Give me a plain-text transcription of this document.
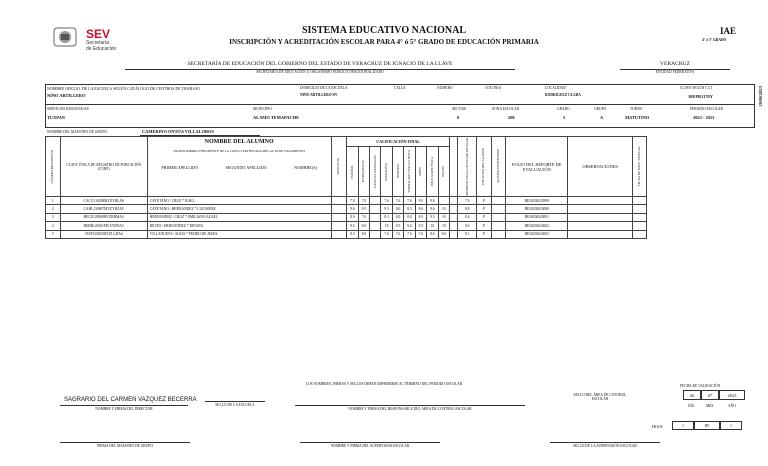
SEV
Secretaría
de Educación
SISTEMA EDUCATIVO NACIONAL
INSCRIPCIÓN Y ACREDITACIÓN ESCOLAR PARA 4° ó 5° GRADO DE EDUCACIÓN PRIMARIA
IAE
4° ó 5° GRADO
SECRETARÍA DE EDUCACIÓN DEL GOBIERNO DEL ESTADO DE VERACRUZ DE IGNACIO DE LA LLAVE
SECRETARÍA DE EDUCACIÓN U ORGANISMO PÚBLICO DESCENTRALIZADO
VERACRUZ
ENTIDAD FEDERATIVA
NOMBRE OFICIAL DE LA ESCUELA SEGÚN CATÁLOGO DE CENTROS DE TRABAJO
NIÑO ARTILLERO
DOMICILIO DE LA ESCUELA
NIÑO ARTILLERO SN
CALLE	NÚMERO	COLONIA	LOCALIDAD
RODRIGUEZ CLARA
CLAVE SEGÚN CCT
30EPR1170Y
SERVICIOS REGIONALES
TUXPAN
MUNICIPIO
ALAMO TEMAPACHE
SECTOR
0
ZONA ESCOLAR
208
GRADO
5
GRUPO
A
TURNO
MATUTINO
PERIODO ESCOLAR
2022 - 2023
29/08/2023
NOMBRE DEL MAESTRO DE GRUPO	CAMERINO ONTOA VILLALOBOS
NÚMERO PROGRESIVO	CLAVE ÚNICA DE REGISTRO DE POBLACIÓN (CURP)	NOMBRE DEL ALUMNO	SEXO (H/M)	CALIFICACIÓN FINAL										PROMEDIO FINAL DE GRADO ESCOLAR	SITUACIÓN DEL ALUMNO	ALUMNO EXTRANJERO	FOLIO DEL REPORTE DE EVALUACIÓN	OBSERVACIONES	FECHA DE EDUC. ESPECIAL	

		TRANSCRIBIRLO FIELMENTE DE LA COPIA CERTIFICADA DEL ACTA DE NACIMIENTO
PRIMER APELLIDO SEGUNDO APELLIDO NOMBRE(S)		ESPAÑOL	MATEMÁTICAS	CIENCIAS NATURALES	GEOGRAFÍA	HISTORIA	FORMACIÓN CÍVICA Y ÉTICA	ARTES	EDUCACIÓN FÍSICA	INGLÉS								

1	CACU110208MVZYRLA6	CAYETANO / CRUZ * ILSEL		7.0	7.0		7.6	7.6	7.6	9.0	9.6			7.9	P		BE30230023999			
2	CAHL130907MVZYRZA5	CAYETANO / HERNANDEZ * LUZ IRENE		9.6	9.5		9.3	8.6	8.5	8.6	9.6	10		8.8	P		BE30230023000			
3	HECE120908HVZRRMA4	HERNANDEZ / CRUZ * EMILIANO AZAEL		8.0	7.6		8.3	8.0	8.0	8.5	9.5	10		8.4	P		BE30230023001			
4	REHR120301MVZYRNA3	REYES / HERNANDEZ * RENATA		9.5	9.0		10	9.5	9.6	9.5	10	10		9.6	P		BE30230023002			
5	VISP120825MVZLLDA6	VILLANUEVA / SOLIS * PEDRO DE JESUS		8.5	8.8		7.6	7.6	7.6	7.6	8.6	9.6		8.1	P		BE30230023003			
LOS NOMBRES, FIRMAS Y SELLOS DEBEN IMPRIMIRSE AL TÉRMINO DEL PERIODO ESCOLAR
SAGRARIO DEL CARMEN VAZQUEZ BECERRA
NOMBRE Y FIRMA DEL DIRECTOR
SELLO DE LA ESCUELA
NOMBRE Y FIRMA DEL RESPONSABLE DEL ÁREA DE CONTROL ESCOLAR
SELLO DEL ÁREA DE CONTROL ESCOLAR
FECHA DE VALIDACIÓN
26	07	2023
DÍA	MES	AÑO
HOJA	1	DE	1
FIRMA DEL MAESTRO DE GRUPO	NOMBRE Y FIRMA DEL SUPERVISOR ESCOLAR	SELLO DE LA SUPERVISIÓN ESCOLAR
